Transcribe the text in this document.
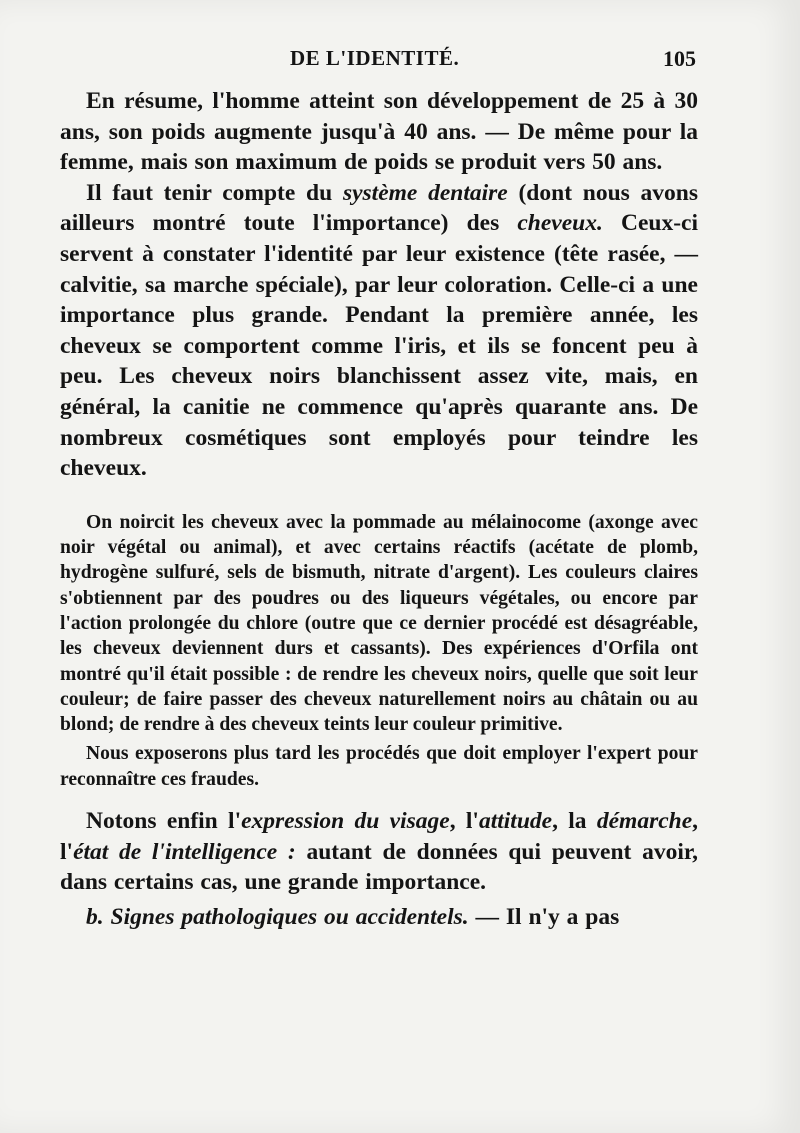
DE L'IDENTITÉ.	105

En résume, l'homme atteint son développement de 25 à 30 ans, son poids augmente jusqu'à 40 ans. — De même pour la femme, mais son maximum de poids se produit vers 50 ans.

Il faut tenir compte du système dentaire (dont nous avons ailleurs montré toute l'importance) des cheveux. Ceux-ci servent à constater l'identité par leur existence (tête rasée, — calvitie, sa marche spéciale), par leur coloration. Celle-ci a une importance plus grande. Pendant la première année, les cheveux se comportent comme l'iris, et ils se foncent peu à peu. Les cheveux noirs blanchissent assez vite, mais, en général, la canitie ne commence qu'après quarante ans. De nombreux cosmétiques sont employés pour teindre les cheveux.

On noircit les cheveux avec la pommade au mélainocome (axonge avec noir végétal ou animal), et avec certains réactifs (acétate de plomb, hydrogène sulfuré, sels de bismuth, nitrate d'argent). Les couleurs claires s'obtiennent par des poudres ou des liqueurs végétales, ou encore par l'action prolongée du chlore (outre que ce dernier procédé est désagréable, les cheveux deviennent durs et cassants). Des expériences d'Orfila ont montré qu'il était possible : de rendre les cheveux noirs, quelle que soit leur couleur; de faire passer des cheveux naturellement noirs au châtain ou au blond; de rendre à des cheveux teints leur couleur primitive.

Nous exposerons plus tard les procédés que doit employer l'expert pour reconnaître ces fraudes.

Notons enfin l'expression du visage, l'attitude, la démarche, l'état de l'intelligence : autant de données qui peuvent avoir, dans certains cas, une grande importance.

b. Signes pathologiques ou accidentels. — Il n'y a pas
